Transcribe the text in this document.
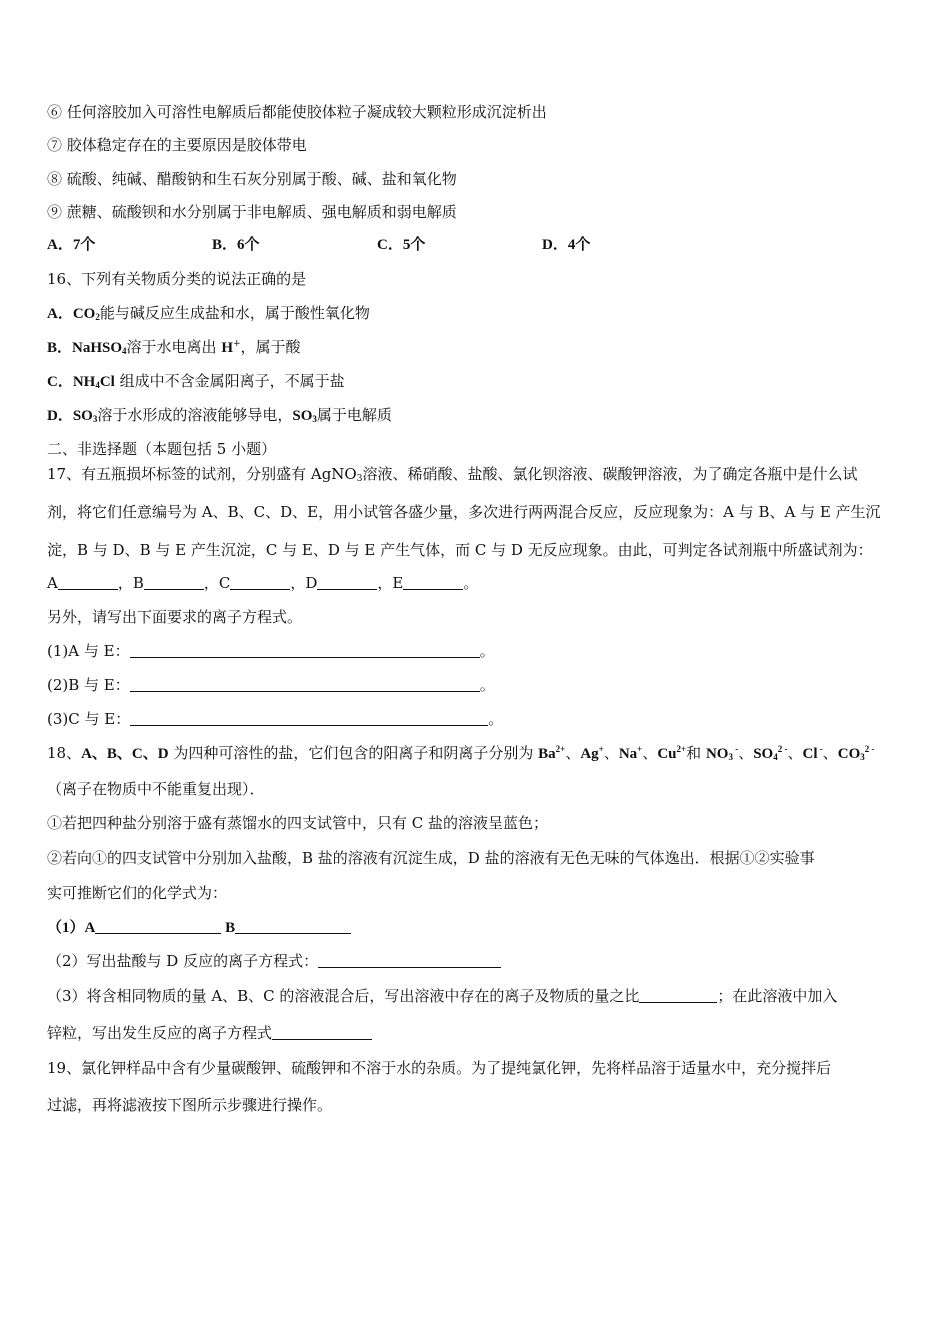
⑥ 任何溶胶加入可溶性电解质后都能使胶体粒子凝成较大颗粒形成沉淀析出
⑦ 胶体稳定存在的主要原因是胶体带电
⑧ 硫酸、纯碱、醋酸钠和生石灰分别属于酸、碱、盐和氧化物
⑨ 蔗糖、硫酸钡和水分别属于非电解质、强电解质和弱电解质
A．7个	B．6个	C．5个	D．4个
16、下列有关物质分类的说法正确的是
A．$CO_2$能与碱反应生成盐和水，属于酸性氧化物
B．NaHSO$_4$溶于水电离出 H+，属于酸
C．$NH_4Cl$ 组成中不含金属阳离子，不属于盐
D．$SO_3$溶于水形成的溶液能够导电，$SO_3$属于电解质
二、非选择题（本题包括 5 小题）
17、有五瓶损坏标签的试剂，分别盛有 AgNO$_3$溶液、稀硝酸、盐酸、氯化钡溶液、碳酸钾溶液，为了确定各瓶中是什么试
剂，将它们任意编号为 A、B、C、D、E，用小试管各盛少量，多次进行两两混合反应，反应现象为：A 与 B、A 与 E 产生沉
淀，B 与 D、B 与 E 产生沉淀，C 与 E、D 与 E 产生气体，而 C 与 D 无反应现象。由此，可判定各试剂瓶中所盛试剂为：
A	，B	，C	，D	，E	。
另外，请写出下面要求的离子方程式。
(1)A 与 E：	。
(2)B 与 E：	。
(3)C 与 E：	。
18、A、B、C、D 为四种可溶性的盐，它们包含的阳离子和阴离子分别为 $Ba^{2+}$、Ag+、Na+、$Cu^{2+}$和 $NO_3$ -、$SO_4^{2 -}$、Cl -、$CO_3^{2 -}$
（离子在物质中不能重复出现）．
①若把四种盐分别溶于盛有蒸馏水的四支试管中，只有 C 盐的溶液呈蓝色；
②若向①的四支试管中分别加入盐酸，B 盐的溶液有沉淀生成，D 盐的溶液有无色无味的气体逸出．根据①②实验事
实可推断它们的化学式为：
（1）A	B
（2）写出盐酸与 D 反应的离子方程式：
（3）将含相同物质的量 A、B、C 的溶液混合后，写出溶液中存在的离子及物质的量之比	；在此溶液中加入
锌粒，写出发生反应的离子方程式
19、氯化钾样品中含有少量碳酸钾、硫酸钾和不溶于水的杂质。为了提纯氯化钾，先将样品溶于适量水中，充分搅拌后
过滤，再将滤液按下图所示步骤进行操作。
